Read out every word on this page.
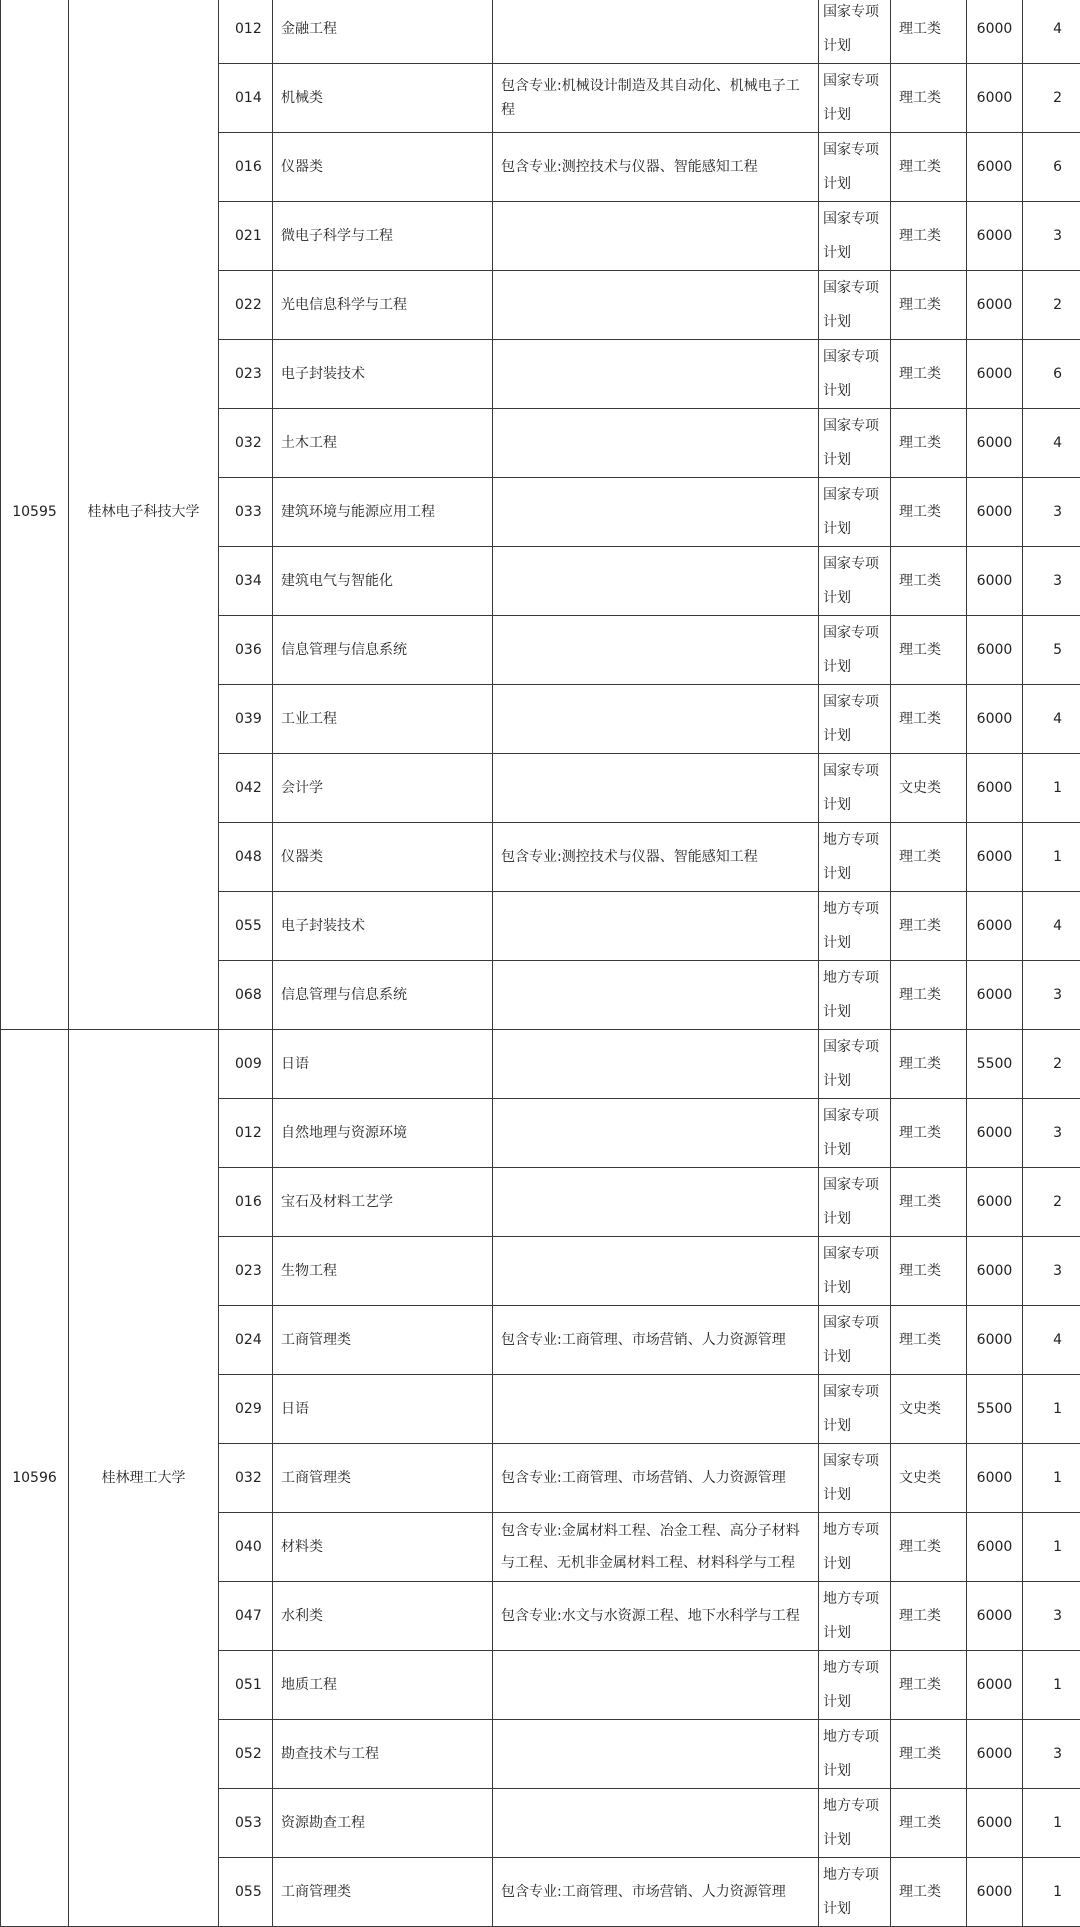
10595	桂林电子科技大学	012	金融工程		国家专项计划	理工类	6000	4
		014	机械类	包含专业:机械设计制造及其自动化、机械电子工程	国家专项计划	理工类	6000	2
		016	仪器类	包含专业:测控技术与仪器、智能感知工程	国家专项计划	理工类	6000	6
		021	微电子科学与工程		国家专项计划	理工类	6000	3
		022	光电信息科学与工程		国家专项计划	理工类	6000	2
		023	电子封装技术		国家专项计划	理工类	6000	6
		032	土木工程		国家专项计划	理工类	6000	4
		033	建筑环境与能源应用工程		国家专项计划	理工类	6000	3
		034	建筑电气与智能化		国家专项计划	理工类	6000	3
		036	信息管理与信息系统		国家专项计划	理工类	6000	5
		039	工业工程		国家专项计划	理工类	6000	4
		042	会计学		国家专项计划	文史类	6000	1
		048	仪器类	包含专业:测控技术与仪器、智能感知工程	地方专项计划	理工类	6000	1
		055	电子封装技术		地方专项计划	理工类	6000	4
		068	信息管理与信息系统		地方专项计划	理工类	6000	3
10596	桂林理工大学	009	日语		国家专项计划	理工类	5500	2
		012	自然地理与资源环境		国家专项计划	理工类	6000	3
		016	宝石及材料工艺学		国家专项计划	理工类	6000	2
		023	生物工程		国家专项计划	理工类	6000	3
		024	工商管理类	包含专业:工商管理、市场营销、人力资源管理	国家专项计划	理工类	6000	4
		029	日语		国家专项计划	文史类	5500	1
		032	工商管理类	包含专业:工商管理、市场营销、人力资源管理	国家专项计划	文史类	6000	1
		040	材料类	包含专业:金属材料工程、冶金工程、高分子材料与工程、无机非金属材料工程、材料科学与工程	地方专项计划	理工类	6000	1
		047	水利类	包含专业:水文与水资源工程、地下水科学与工程	地方专项计划	理工类	6000	3
		051	地质工程		地方专项计划	理工类	6000	1
		052	勘查技术与工程		地方专项计划	理工类	6000	3
		053	资源勘查工程		地方专项计划	理工类	6000	1
		055	工商管理类	包含专业:工商管理、市场营销、人力资源管理	地方专项计划	理工类	6000	1
